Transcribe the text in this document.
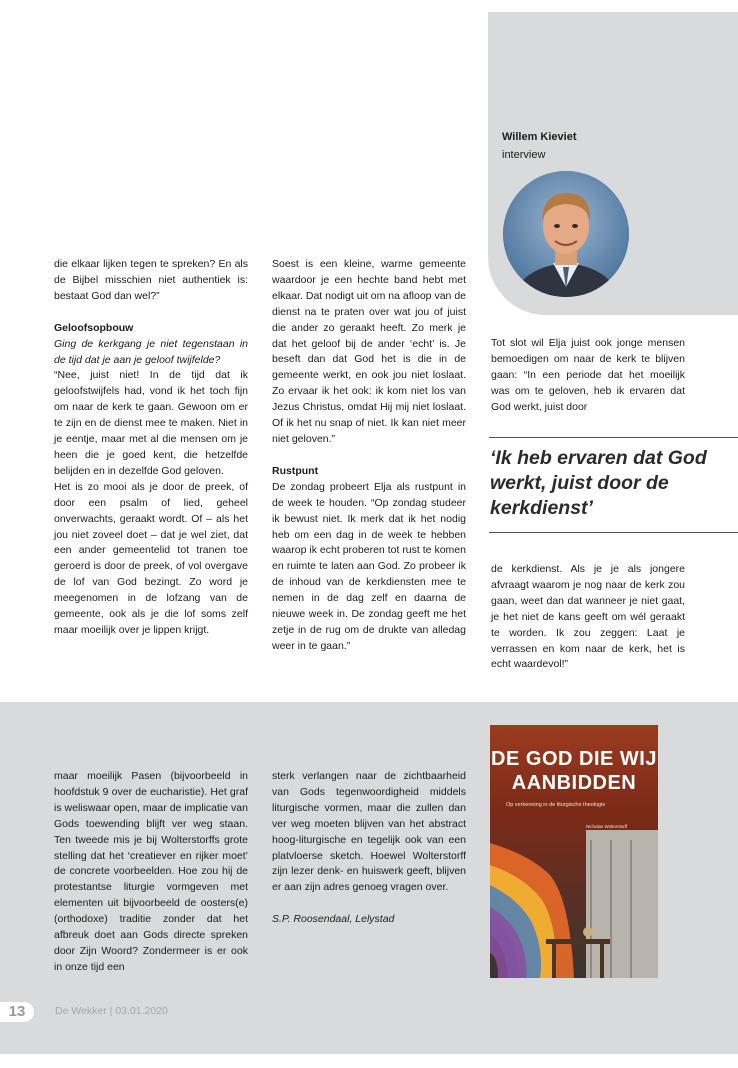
Willem Kieviet
interview

die elkaar lijken tegen te spreken? En als de Bijbel misschien niet authentiek is: bestaat God dan wel?”

Geloofsopbouw

Ging de kerkgang je niet tegenstaan in de tijd dat je aan je geloof twijfelde?

“Nee, juist niet! In de tijd dat ik geloofstwijfels had, vond ik het toch fijn om naar de kerk te gaan. Gewoon om er te zijn en de dienst mee te maken. Niet in je eentje, maar met al die mensen om je heen die je goed kent, die hetzelfde belijden en in dezelfde God geloven.

Het is zo mooi als je door de preek, of door een psalm of lied, geheel onverwachts, geraakt wordt. Of – als het jou niet zoveel doet – dat je wel ziet, dat een ander gemeentelid tot tranen toe geroerd is door de preek, of vol overgave de lof van God bezingt. Zo word je meegenomen in de lofzang van de gemeente, ook als je die lof soms zelf maar moeilijk over je lippen krijgt.

Soest is een kleine, warme gemeente waardoor je een hechte band hebt met elkaar. Dat nodigt uit om na afloop van de dienst na te praten over wat jou of juist die ander zo geraakt heeft. Zo merk je dat het geloof bij de ander ‘echt’ is. Je beseft dan dat God het is die in de gemeente werkt, en ook jou niet loslaat. Zo ervaar ik het ook: ik kom niet los van Jezus Christus, omdat Hij mij niet loslaat. Of ik het nu snap of niet. Ik kan niet meer niet geloven.”

Rustpunt

De zondag probeert Elja als rustpunt in de week te houden. “Op zondag studeer ik bewust niet. Ik merk dat ik het nodig heb om een dag in de week te hebben waarop ik echt proberen tot rust te komen en ruimte te laten aan God. Zo probeer ik de inhoud van de kerkdiensten mee te nemen in de dag zelf en daarna de nieuwe week in. De zondag geeft me het zetje in de rug om de drukte van alledag weer in te gaan.”

Tot slot wil Elja juist ook jonge mensen bemoedigen om naar de kerk te blijven gaan: “In een periode dat het moeilijk was om te geloven, heb ik ervaren dat God werkt, juist door

‘Ik heb ervaren dat God werkt, juist door de kerkdienst’

de kerkdienst. Als je je als jongere afvraagt waarom je nog naar de kerk zou gaan, weet dan dat wanneer je niet gaat, je het niet de kans geeft om wél geraakt te worden. Ik zou zeggen: Laat je verrassen en kom naar de kerk, het is echt waardevol!”

maar moeilijk Pasen (bijvoorbeeld in hoofdstuk 9 over de eucharistie). Het graf is weliswaar open, maar de implicatie van Gods toewending blijft ver weg staan. Ten tweede mis je bij Wolterstorffs grote stelling dat het ‘creatiever en rijker moet’ de concrete voorbeelden. Hoe zou hij de protestantse liturgie vormgeven met elementen uit bijvoorbeeld de oosters(e) (orthodoxe) traditie zonder dat het afbreuk doet aan Gods directe spreken door Zijn Woord? Zondermeer is er ook in onze tijd een

sterk verlangen naar de zichtbaarheid van Gods tegenwoordigheid middels liturgische vormen, maar die zullen dan ver weg moeten blijven van het abstract hoog-liturgische en tegelijk ook van een platvloerse sketch. Hoewel Wolterstorff zijn lezer denk- en huiswerk geeft, blijven er aan zijn adres genoeg vragen over.

S.P. Roosendaal, Lelystad

DE GOD DIE WIJ
AANBIDDEN
Op verkenning in de liturgische theologie
Nicholas Wolterstorff
13	De Wekker | 03.01.2020
